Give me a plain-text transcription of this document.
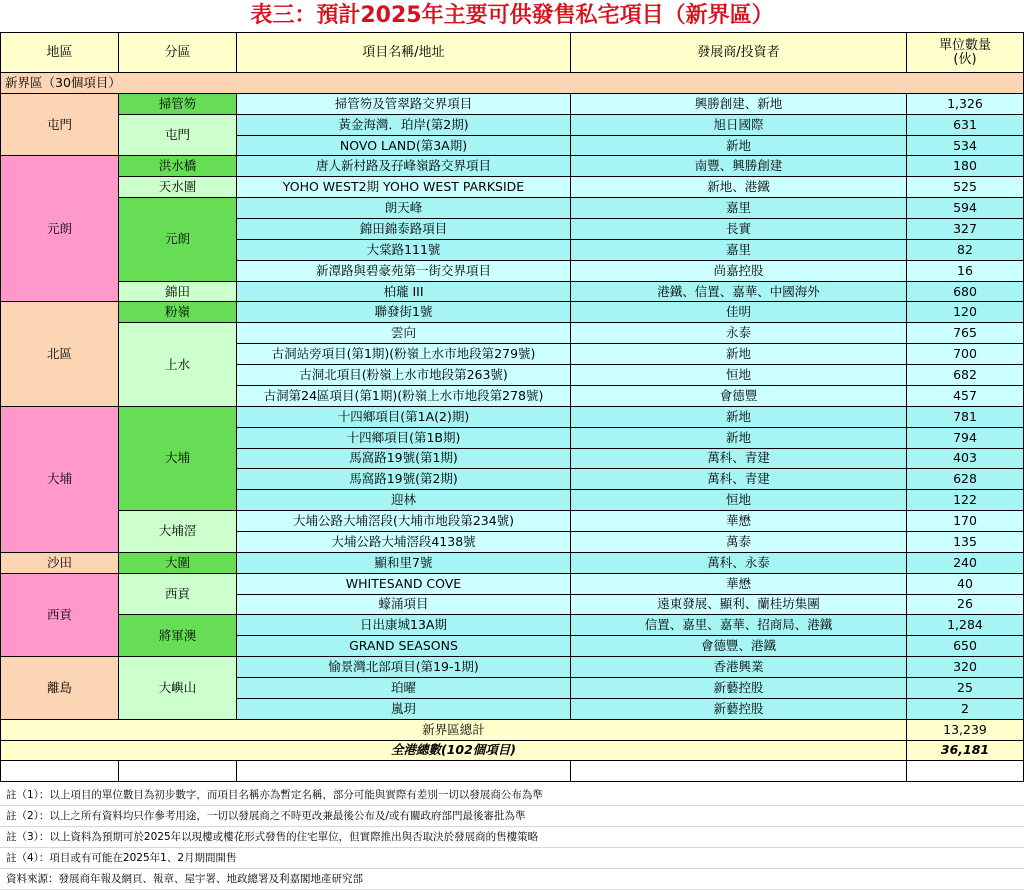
表三：預計2025年主要可供發售私宅項目（新界區）
地區	分區	項目名稱/地址	發展商/投資者	單位數量
(伙)

新界區（30個項目）				
屯門	掃管笏	掃管笏及管翠路交界項目	興勝創建、新地	1,326
	屯門	黃金海灣．珀岸(第2期)	旭日國際	631
		NOVO LAND(第3A期)	新地	534
元朗	洪水橋	唐人新村路及孖峰嶺路交界項目	南豐、興勝創建	180
	天水圍	YOHO WEST2期 YOHO WEST PARKSIDE	新地、港鐵	525
	元朗	朗天峰	嘉里	594
		錦田錦泰路項目	長實	327
		大棠路111號	嘉里	82
		新潭路與碧豪苑第一街交界項目	尚嘉控股	16
	錦田	柏瓏 III	港鐵、信置、嘉華、中國海外	680
北區	粉嶺	聯發街1號	佳明	120
	上水	雲向	永泰	765
		古洞站旁項目(第1期)(粉嶺上水市地段第279號)	新地	700
		古洞北項目(粉嶺上水市地段第263號)	恒地	682
		古洞第24區項目(第1期)(粉嶺上水市地段第278號)	會德豐	457
大埔	大埔	十四鄉項目(第1A(2)期)	新地	781
		十四鄉項目(第1B期)	新地	794
		馬窩路19號(第1期)	萬科、青建	403
		馬窩路19號(第2期)	萬科、青建	628
		迎林	恒地	122
	大埔滘	大埔公路大埔滘段(大埔市地段第234號)	華懋	170
		大埔公路大埔滘段4138號	萬泰	135
沙田	大圍	顯和里7號	萬科、永泰	240
西貢	西貢	WHITESAND COVE	華懋	40
		蠔涌項目	遠東發展、顯利、蘭桂坊集團	26
	將軍澳	日出康城13A期	信置、嘉里、嘉華、招商局、港鐵	1,284
		GRAND SEASONS	會德豐、港鐵	650
離島	大嶼山	愉景灣北部項目(第19-1期)	香港興業	320
		珀曜	新藝控股	25
		嵐玥	新藝控股	2
新界區總計				13,239
全港總數(102個項目)				36,181

註（1）：以上項目的單位數目為初步數字，而項目名稱亦為暫定名稱，部分可能與實際有差別一切以發展商公布為準
註（2）：以上之所有資料均只作參考用途，一切以發展商之不時更改兼最後公布及/或有關政府部門最後審批為準
註（3）：以上資料為預期可於2025年以現樓或樓花形式發售的住宅單位，但實際推出與否取決於發展商的售樓策略
註（4）：項目或有可能在2025年1、2月期間開售
資料來源：發展商年報及網頁、報章、屋宇署、地政總署及利嘉閣地產研究部
